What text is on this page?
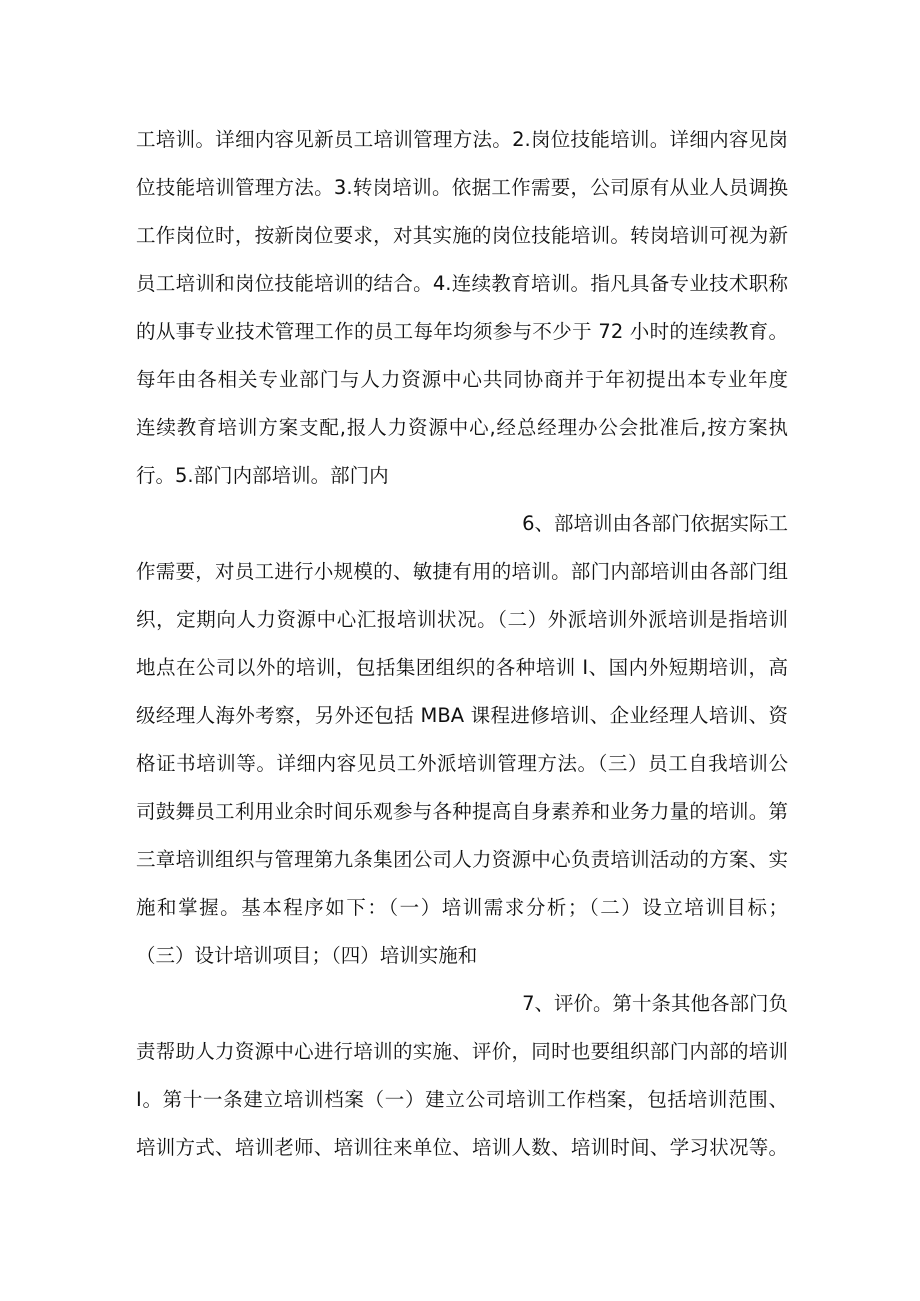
工培训。详细内容见新员工培训管理方法。2.岗位技能培训。详细内容见岗
位技能培训管理方法。3.转岗培训。依据工作需要，公司原有从业人员调换
工作岗位时，按新岗位要求，对其实施的岗位技能培训。转岗培训可视为新
员工培训和岗位技能培训的结合。4.连续教育培训。指凡具备专业技术职称
的从事专业技术管理工作的员工每年均须参与不少于 72 小时的连续教育。
每年由各相关专业部门与人力资源中心共同协商并于年初提出本专业年度
连续教育培训方案支配,报人力资源中心,经总经理办公会批准后,按方案执
行。5.部门内部培训。部门内
6、部培训由各部门依据实际工
作需要，对员工进行小规模的、敏捷有用的培训。部门内部培训由各部门组
织，定期向人力资源中心汇报培训状况。（二）外派培训外派培训是指培训
地点在公司以外的培训，包括集团组织的各种培训 I、国内外短期培训，高
级经理人海外考察，另外还包括 MBA 课程进修培训、企业经理人培训、资
格证书培训等。详细内容见员工外派培训管理方法。（三）员工自我培训公
司鼓舞员工利用业余时间乐观参与各种提高自身素养和业务力量的培训。第
三章培训组织与管理第九条集团公司人力资源中心负责培训活动的方案、实
施和掌握。基本程序如下：（一）培训需求分析；（二）设立培训目标；
（三）设计培训项目；（四）培训实施和
7、评价。第十条其他各部门负
责帮助人力资源中心进行培训的实施、评价，同时也要组织部门内部的培训
I。第十一条建立培训档案（一）建立公司培训工作档案，包括培训范围、
培训方式、培训老师、培训往来单位、培训人数、培训时间、学习状况等。
